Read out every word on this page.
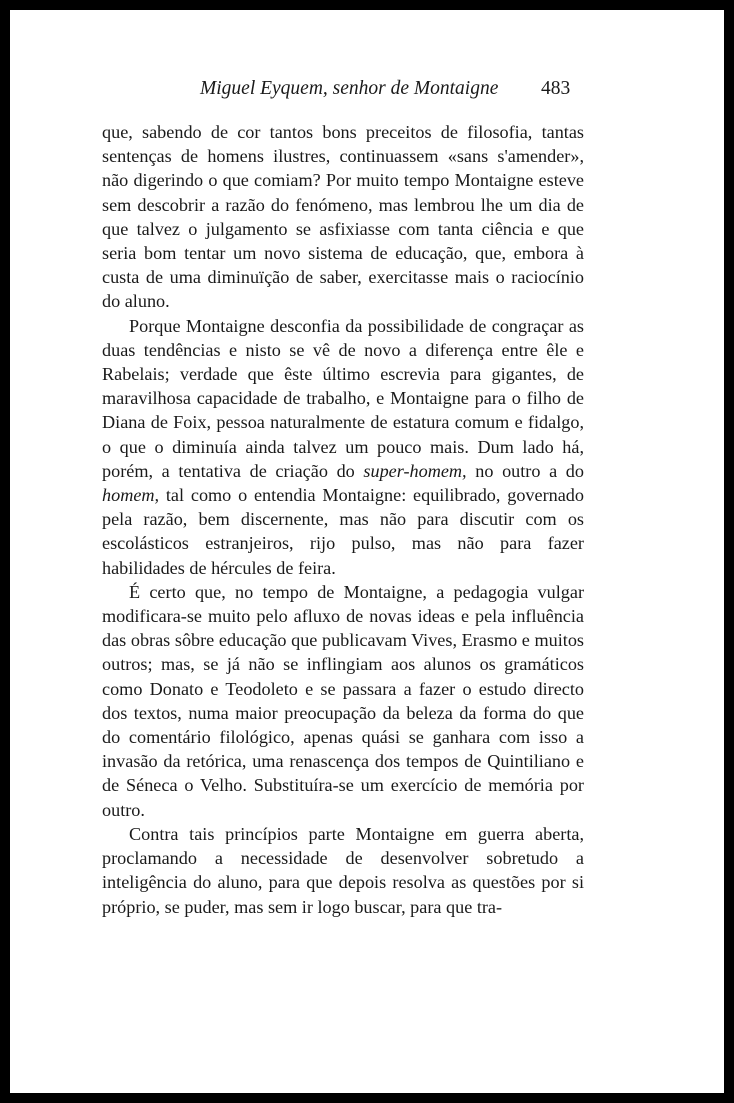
Miguel Eyquem, senhor de Montaigne 483

que, sabendo de cor tantos bons preceitos de filosofia, tantas sentenças de homens ilustres, continuassem «sans s'amender», não digerindo o que comiam? Por muito tempo Montaigne esteve sem descobrir a razão do fenómeno, mas lembrou lhe um dia de que talvez o julgamento se asfixiasse com tanta ciência e que seria bom tentar um novo sistema de educação, que, embora à custa de uma diminuïção de saber, exercitasse mais o raciocínio do aluno.

Porque Montaigne desconfia da possibilidade de congraçar as duas tendências e nisto se vê de novo a diferença entre êle e Rabelais; verdade que êste último escrevia para gigantes, de maravilhosa capacidade de trabalho, e Montaigne para o filho de Diana de Foix, pessoa naturalmente de estatura comum e fidalgo, o que o diminuía ainda talvez um pouco mais. Dum lado há, porém, a tentativa de criação do super-homem, no outro a do homem, tal como o entendia Montaigne: equilibrado, governado pela razão, bem discernente, mas não para discutir com os escolásticos estranjeiros, rijo pulso, mas não para fazer habilidades de hércules de feira.

É certo que, no tempo de Montaigne, a pedagogia vulgar modificara-se muito pelo afluxo de novas ideas e pela influência das obras sôbre educação que publicavam Vives, Erasmo e muitos outros; mas, se já não se inflingiam aos alunos os gramáticos como Donato e Teodoleto e se passara a fazer o estudo directo dos textos, numa maior preocupação da beleza da forma do que do comentário filológico, apenas quási se ganhara com isso a invasão da retórica, uma renascença dos tempos de Quintiliano e de Séneca o Velho. Substituíra-se um exercício de memória por outro.

Contra tais princípios parte Montaigne em guerra aberta, proclamando a necessidade de desenvolver sobretudo a inteligência do aluno, para que depois resolva as questões por si próprio, se puder, mas sem ir logo buscar, para que tra-
